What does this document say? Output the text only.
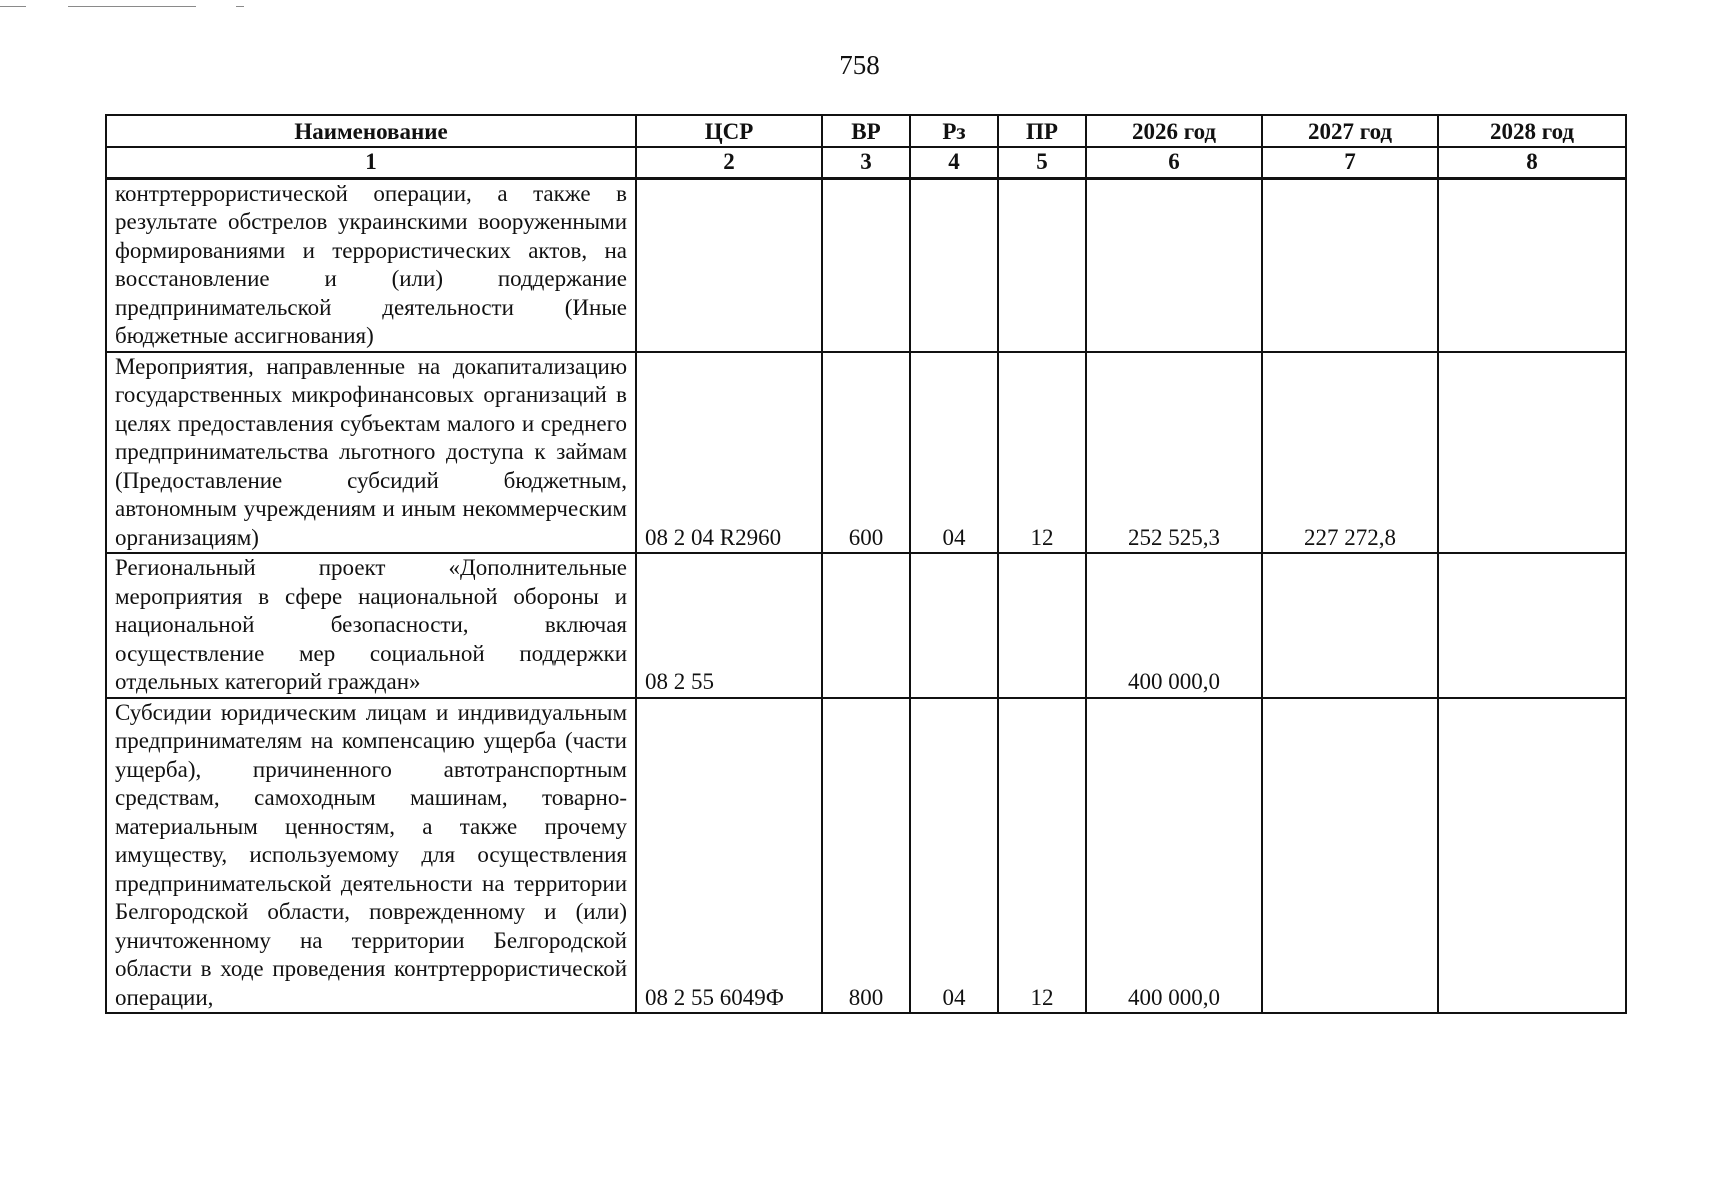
758
Наименование	ЦСР	ВР	Рз	ПР	2026 год	2027 год	2028 год
1	2	3	4	5	6	7	8
контртеррористической операции, а также в результате обстрелов украинскими вооруженными формированиями и террористических актов, на восстановление и (или) поддержание предпринимательской деятельности (Иные бюджетные ассигнования)							
Мероприятия, направленные на докапитализацию государственных микрофинансовых организаций в целях предоставления субъектам малого и среднего предпринимательства льготного доступа к займам (Предоставление субсидий бюджетным, автономным учреждениям и иным некоммерческим организациям)	08 2 04 R2960	600	04	12	252 525,3	227 272,8	
Региональный проект «Дополнительные мероприятия в сфере национальной обороны и национальной безопасности, включая осуществление мер социальной поддержки отдельных категорий граждан»	08 2 55				400 000,0		
Субсидии юридическим лицам и индивидуальным предпринимателям на компенсацию ущерба (части ущерба), причиненного автотранспортным средствам, самоходным машинам, товарно-материальным ценностям, а также прочему имуществу, используемому для осуществления предпринимательской деятельности на территории Белгородской области, поврежденному и (или) уничтоженному на территории Белгородской области в ходе проведения контртеррористической операции,	08 2 55 6049Ф	800	04	12	400 000,0		
